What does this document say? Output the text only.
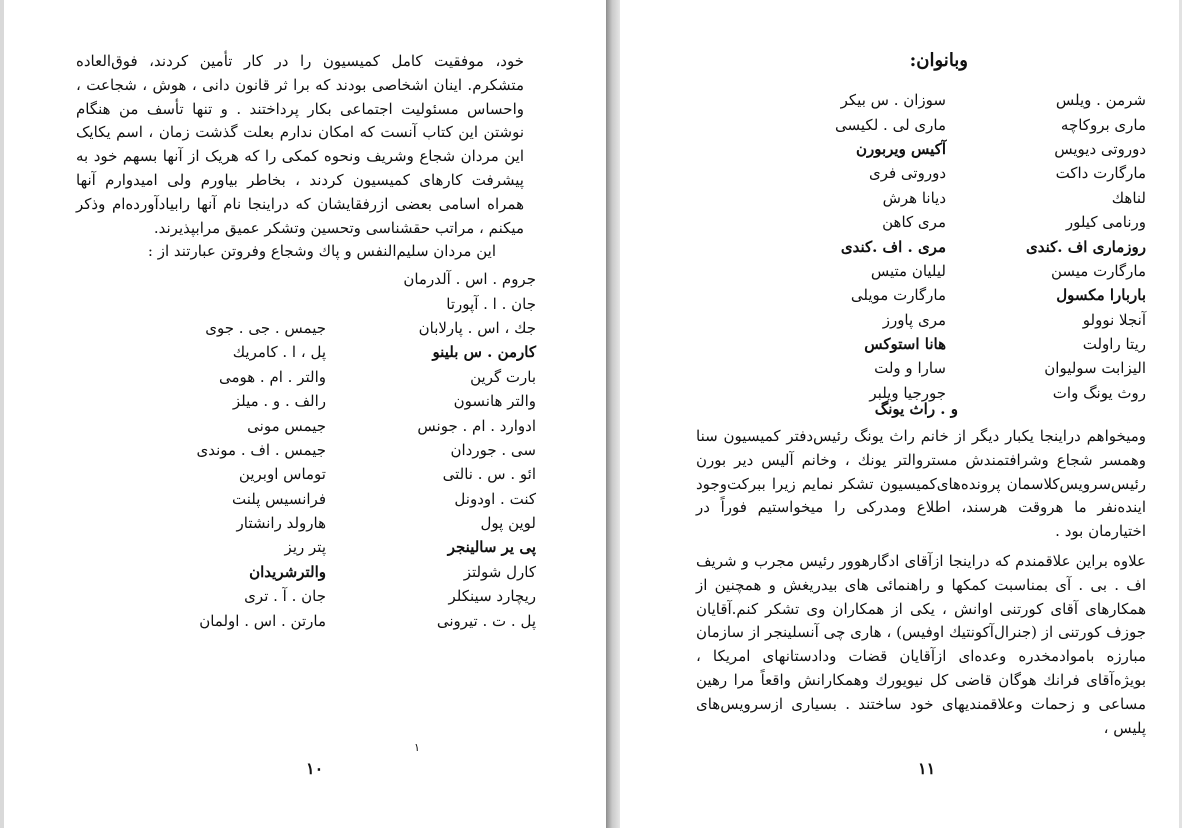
خود، موفقیت کامل کمیسیون را در کار تأمین کردند، فوق‌العاده متشکرم. اینان اشخاصی بودند که برا ثر قانون دانی ، هوش ، شجاعت ، واحساس مسئولیت اجتماعی بکار پرداختند . و تنها تأسف من هنگام نوشتن این کتاب آنست که امکان ندارم بعلت گذشت زمان ، اسم یکایک این مردان شجاع وشریف ونحوه کمکی را که هریک از آنها بسهم خود به پیشرفت کارهای کمیسیون کردند ، بخاطر بیاورم ولی امیدوارم آنها همراه اسامی بعضی ازرفقایشان که دراینجا نام آنها رابیادآورده‌ام وذکر میکنم ، مراتب حقشناسی وتحسین وتشکر عمیق مرابپذیرند.

این مردان سلیم‌النفس و پاك وشجاع وفروتن عبارتند از :

جروم . اس . آلدرمان
جان . ا . آپورتا
جك ، اس . پارلابان
جیمس . جی . جوی
کارمن . س بلینو
پل ، ا . کامریك
بارت گرین
والتر . ام . هومی
والتر هانسون
رالف . و . میلز
ادوارد . ام . جونس
جیمس مونی
سی . جوردان
جیمس . اف . موندی
ائو . س . نالتی
توماس اوبرین
کنت . اودونل
فرانسیس پلنت
لوین پول
هارولد رانشتار
پی یر سالینجر
پتر ریز
کارل شولتز
والترشریدان
ریچارد سینکلر
جان . آ . تری
پل . ت . تیرونی
مارتن . اس . اولمان
۱
۱۰
وبانوان:
شرمن . ویلس
سوزان . س بیکر
ماری بروکاچه
ماری لی . لکیسی
دوروتی دیویس
آکیس ویربورن
مارگارت داکت
دوروتی فری
لناهك
دیانا هرش
ورنامی کیلور
مری کاهن
روزماری اف .کندی
مری . اف .کندی
مارگارت میسن
لیلیان متیس
باربارا مکسول
مارگارت مویلی
آنجلا نوولو
مری پاورز
ریتا راولت
هانا استوکس
الیزابت سولیوان
سارا و ولت
روث یونگ وات
جورجیا ویلبر
و . راث یونگ

ومیخواهم دراینجا یکبار دیگر از خانم راث یونگ رئیس‌دفتر کمیسیون سنا وهمسر شجاع وشرافتمندش مستروالتر یونك ، وخانم آلیس دیر بورن رئیس‌سرویس‌کلاسمان پرونده‌های‌کمیسیون تشکر نمایم زیرا ببرکت‌وجود اینده‌نفر ما هروقت هرسند، اطلاع ومدرکی را میخواستیم فوراً در اختیارمان بود .

علاوه براین علاقمندم که دراینجا ازآقای ادگارهوور رئیس مجرب و شریف اف . بی . آی بمناسبت کمکها و راهنمائی های بیدریغش و همچنین از همکارهای آقای کورتنی اوانش ، یکی از همکاران وی تشکر کنم.آقایان جوزف کورتنی از (جنرال‌آکونتیك اوفیس) ، هاری چی آنسلینجر از سازمان مبارزه باموادمخدره وعده‌ای ازآقایان قضات ودادستانهای امریکا ، بویژه‌آقای فرانك هوگان قاضی کل نیویورك وهمکارانش واقعاً مرا رهین مساعی و زحمات وعلاقمندیهای خود ساختند . بسیاری ازسرویس‌های پلیس ،

۱۱
